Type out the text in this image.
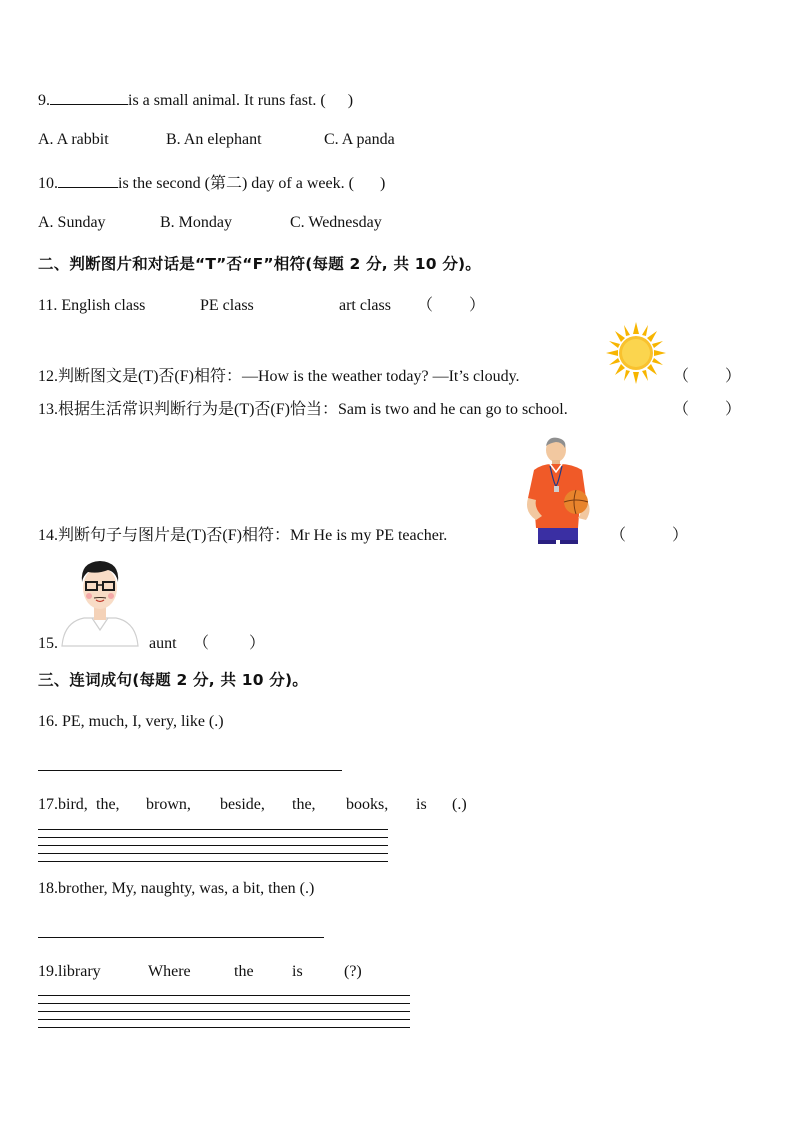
9.	is a small animal. It runs fast. ( )
A. A rabbit	B. An elephant	C. A panda
10.	is the second (第二) day of a week. ( )
A. Sunday	B. Monday	C. Wednesday
二、判断图片和对话是“T”否“F”相符(每题 2 分, 共 10 分)。
11. English class	PE class	art class （ ）
12.判断图文是(T)否(F)相符：—How is the weather today? —It’s cloudy.	（ ）
13.根据生活常识判断行为是(T)否(F)恰当：Sam is two and he can go to school.	（ ）
14.判断句子与图片是(T)否(F)相符：Mr He is my PE teacher.	（	）
15.	aunt （	）
三、连词成句(每题 2 分, 共 10 分)。
16. PE, much, I, very, like (.)
17.bird, the, brown, beside, the, books, is (.)
18.brother, My, naughty, was, a bit, then (.)
19.library	Where	the is	(?)
